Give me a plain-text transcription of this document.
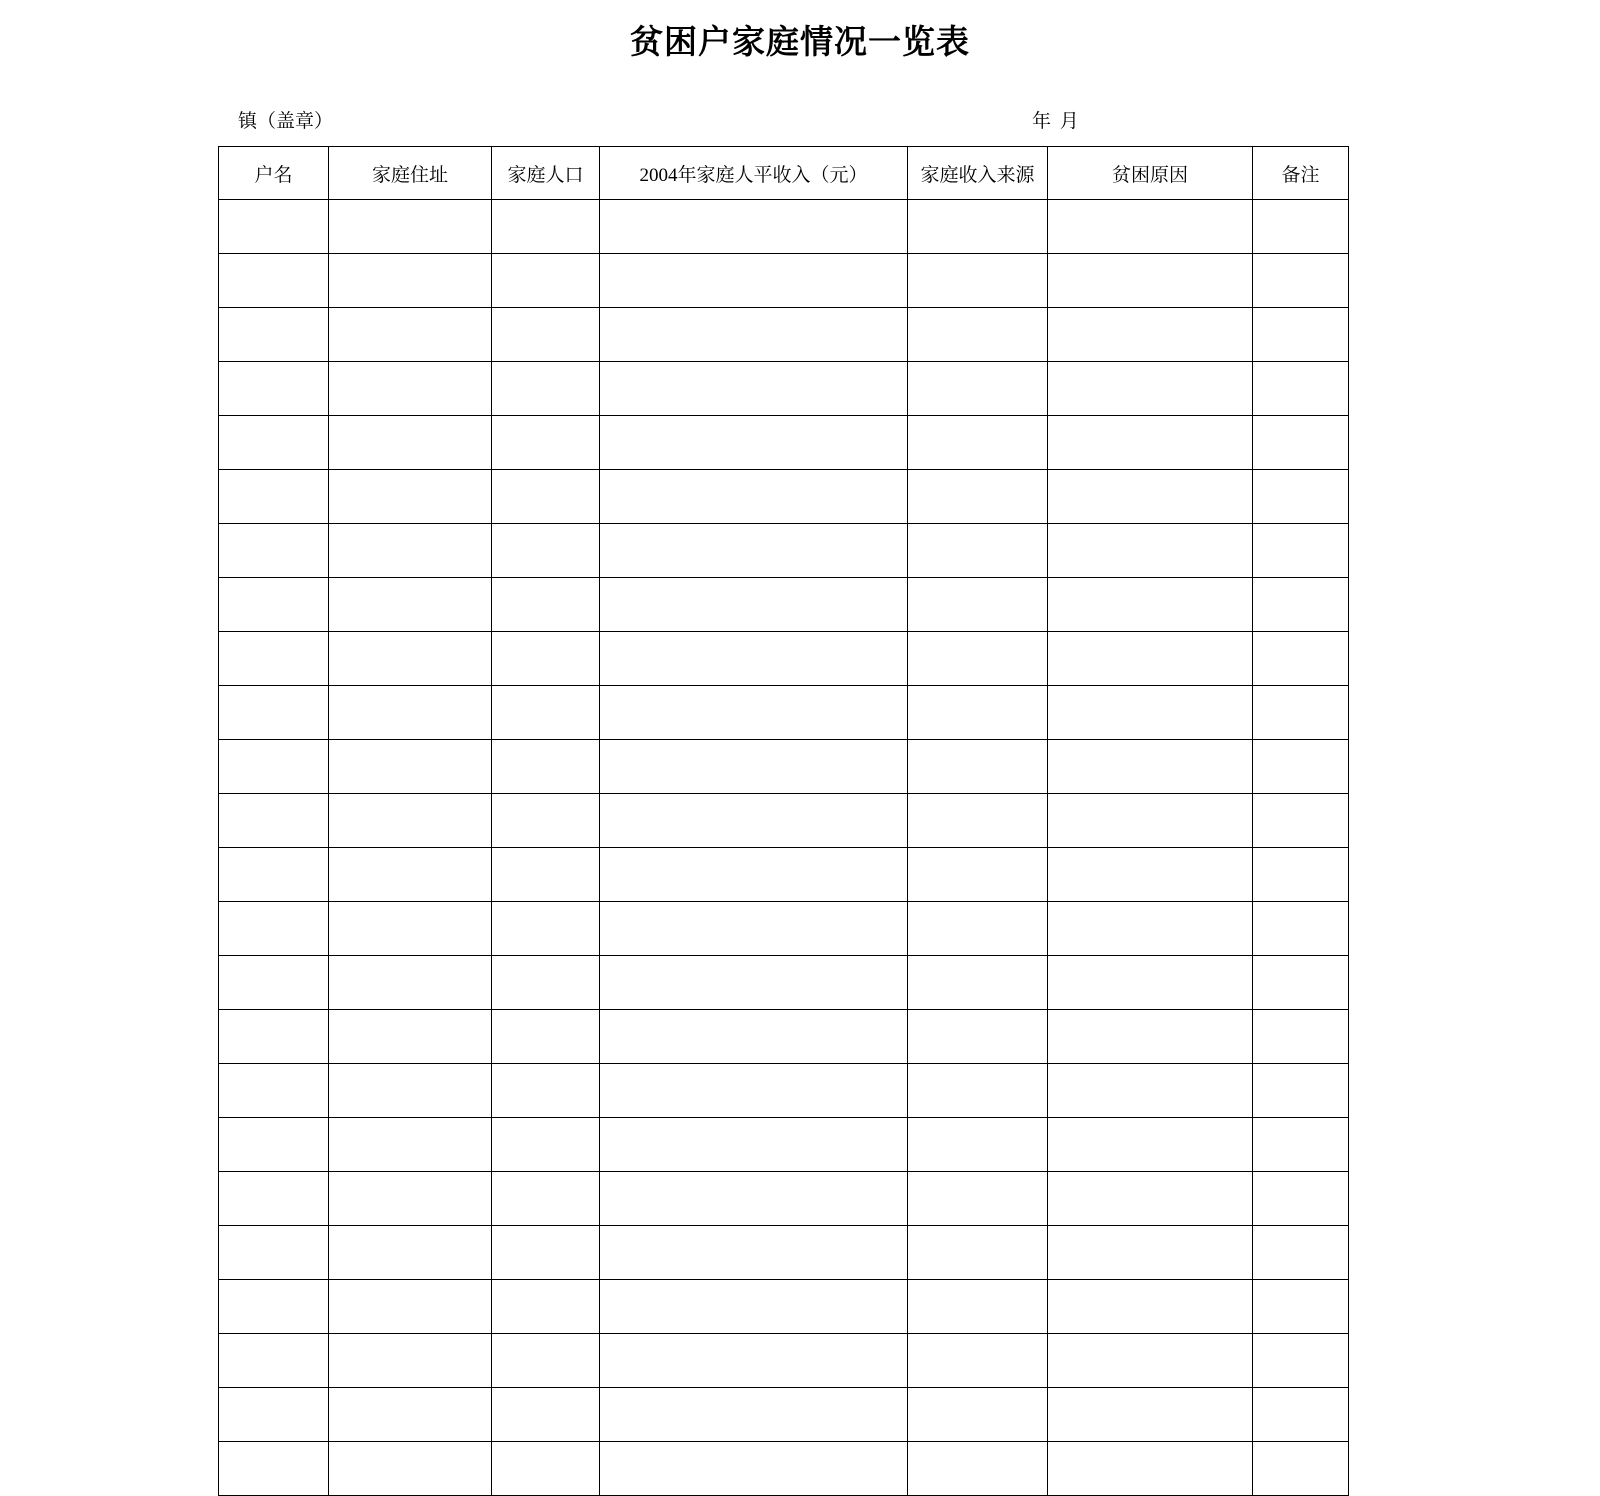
贫困户家庭情况一览表
镇（盖章）	年 月
户名	家庭住址	家庭人口	2004年家庭人平收入（元）	家庭收入来源	贫困原因	备注
